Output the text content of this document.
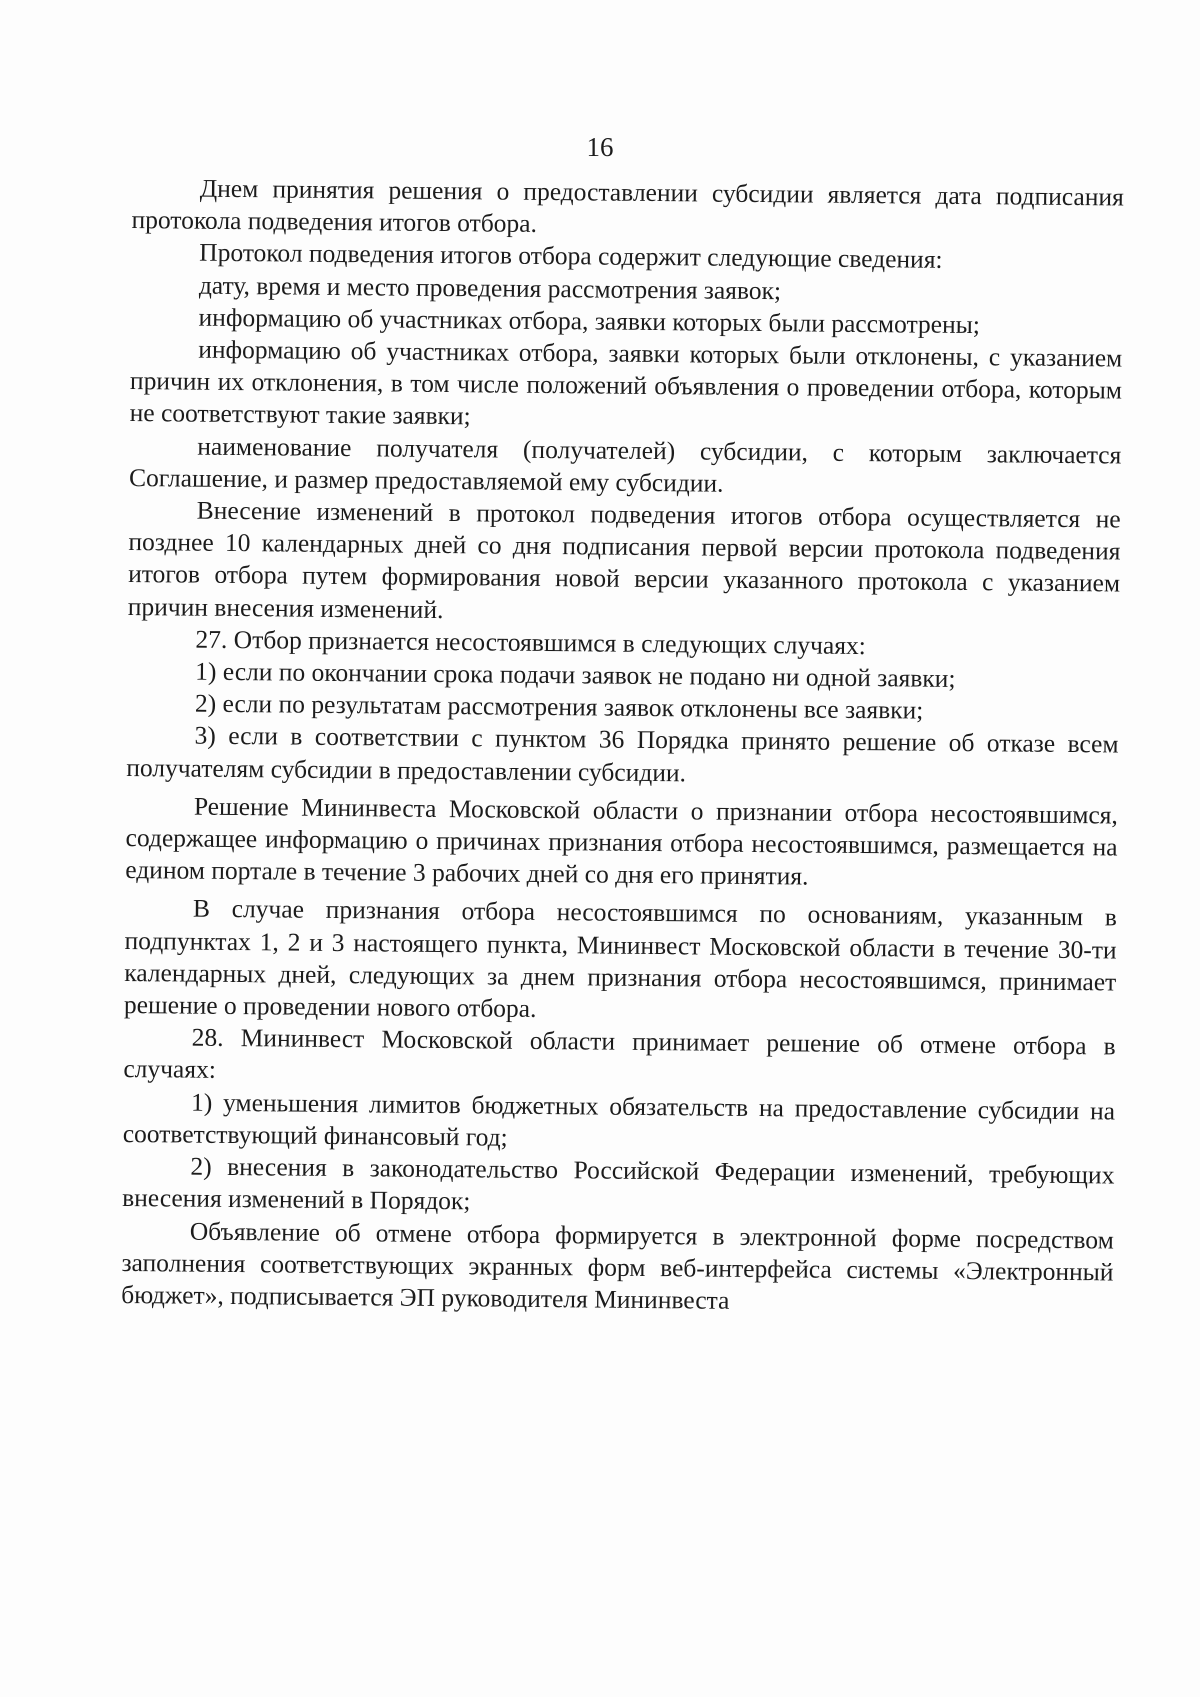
16

Днем принятия решения о предоставлении субсидии является дата подписания протокола подведения итогов отбора.

Протокол подведения итогов отбора содержит следующие сведения:

дату, время и место проведения рассмотрения заявок;

информацию об участниках отбора, заявки которых были рассмотрены;

информацию об участниках отбора, заявки которых были отклонены, с указанием причин их отклонения, в том числе положений объявления о проведении отбора, которым не соответствуют такие заявки;

наименование получателя (получателей) субсидии, с которым заключается Соглашение, и размер предоставляемой ему субсидии.

Внесение изменений в протокол подведения итогов отбора осуществляется не позднее 10 календарных дней со дня подписания первой версии протокола подведения итогов отбора путем формирования новой версии указанного протокола с указанием причин внесения изменений.

27. Отбор признается несостоявшимся в следующих случаях:

1) если по окончании срока подачи заявок не подано ни одной заявки;

2) если по результатам рассмотрения заявок отклонены все заявки;

3) если в соответствии с пунктом 36 Порядка принято решение об отказе всем получателям субсидии в предоставлении субсидии.

Решение Мининвеста Московской области о признании отбора несостоявшимся, содержащее информацию о причинах признания отбора несостоявшимся, размещается на едином портале в течение 3 рабочих дней со дня его принятия.

В случае признания отбора несостоявшимся по основаниям, указанным в подпунктах 1, 2 и 3 настоящего пункта, Мининвест Московской области в течение 30-ти календарных дней, следующих за днем признания отбора несостоявшимся, принимает решение о проведении нового отбора.

28. Мининвест Московской области принимает решение об отмене отбора в случаях:

1) уменьшения лимитов бюджетных обязательств на предоставление субсидии на соответствующий финансовый год;

2) внесения в законодательство Российской Федерации изменений, требующих внесения изменений в Порядок;

Объявление об отмене отбора формируется в электронной форме посредством заполнения соответствующих экранных форм веб-интерфейса системы «Электронный бюджет», подписывается ЭП руководителя Мининвеста
